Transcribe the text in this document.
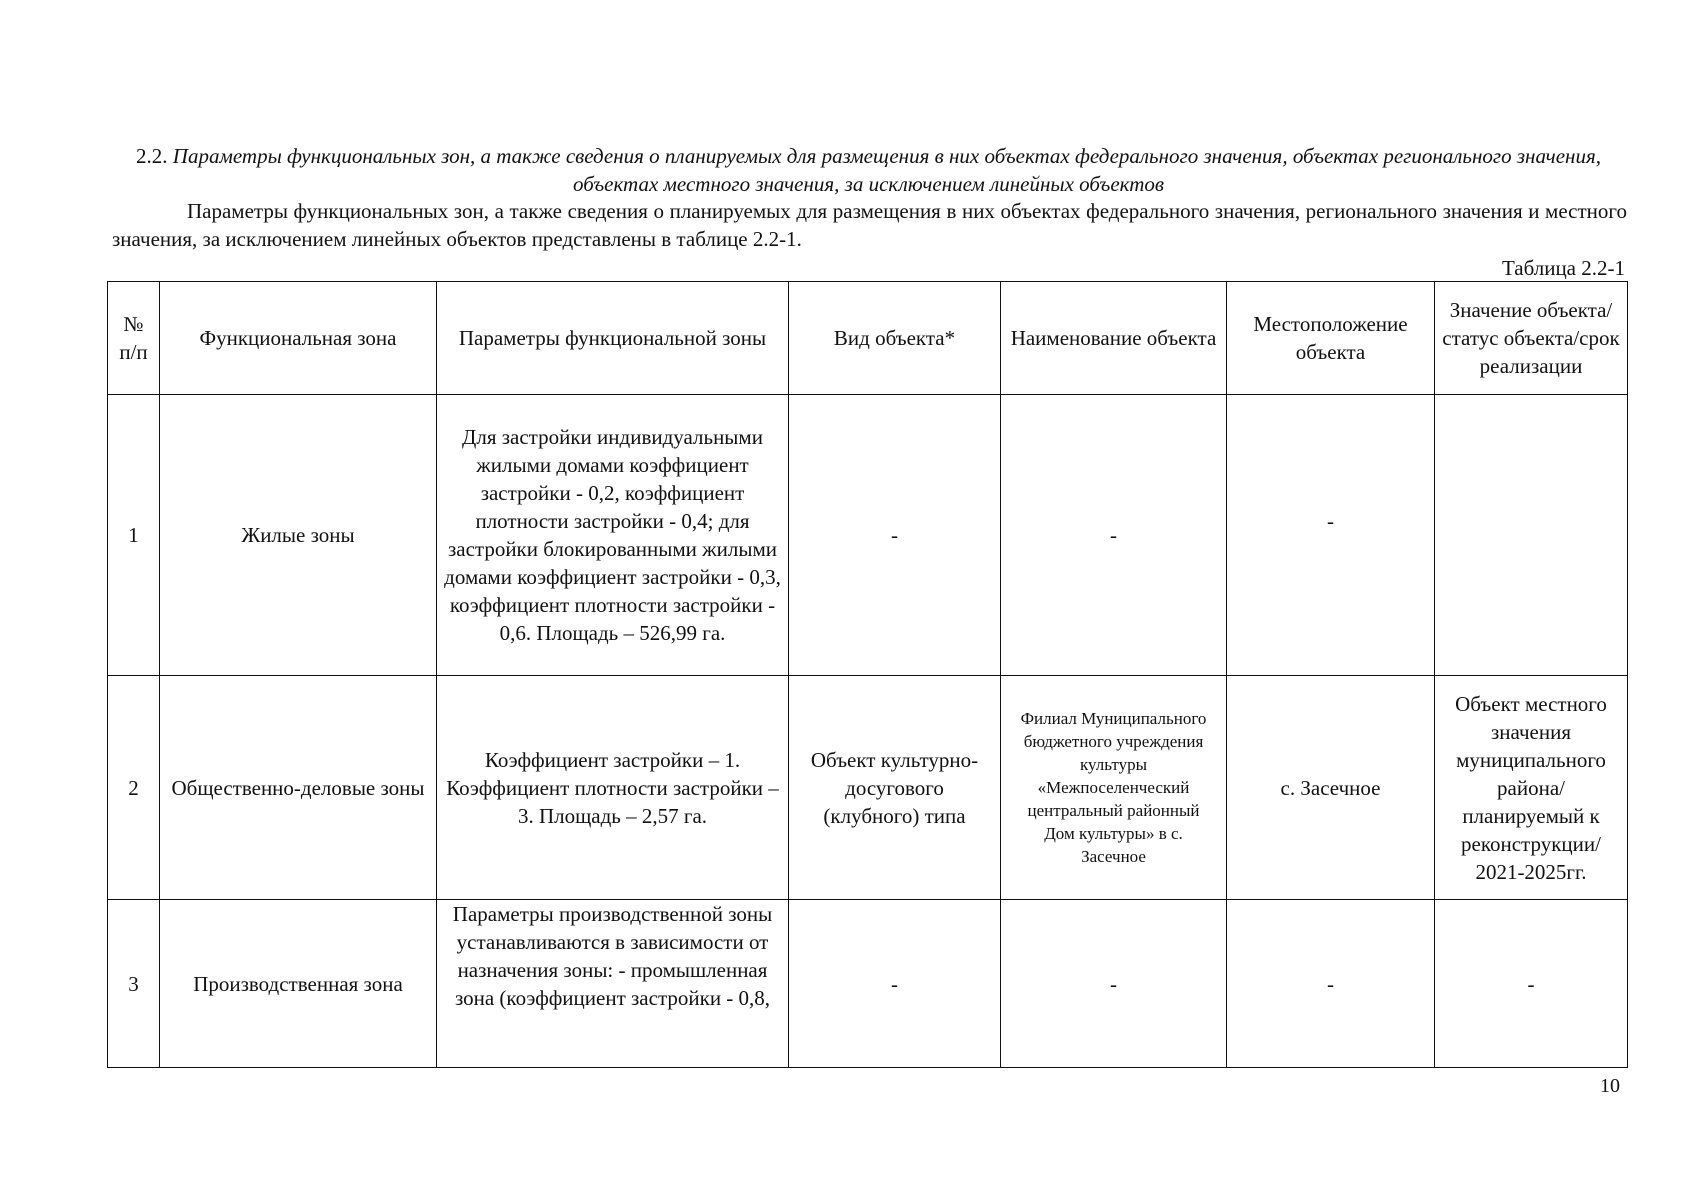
2.2. Параметры функциональных зон, а также сведения о планируемых для размещения в них объектах федерального значения, объектах регионального значения, объектах местного значения, за исключением линейных объектов
Параметры функциональных зон, а также сведения о планируемых для размещения в них объектах федерального значения, регионального значения и местного значения, за исключением линейных объектов представлены в таблице 2.2-1.
Таблица 2.2-1
№ п/п	Функциональная зона	Параметры функциональной зоны	Вид объекта*	Наименование объекта	Местоположение объекта	Значение объекта/статус объекта/срок реализации
1	Жилые зоны	Для застройки индивидуальными жилыми домами коэффициент застройки - 0,2, коэффициент плотности застройки - 0,4; для застройки блокированными жилыми домами коэффициент застройки - 0,3, коэффициент плотности застройки - 0,6. Площадь – 526,99 га.	-	-	-	
2	Общественно-деловые зоны	Коэффициент застройки – 1. Коэффициент плотности застройки – 3. Площадь – 2,57 га.	Объект культурно-досугового (клубного) типа	Филиал Муниципального бюджетного учреждения культуры «Межпоселенческий центральный районный Дом культуры» в с. Засечное	с. Засечное	Объект местного значения муниципального района/ планируемый к реконструкции/ 2021-2025гг.
3	Производственная зона	Параметры производственной зоны устанавливаются в зависимости от назначения зоны: - промышленная зона (коэффициент застройки - 0,8,	-	-	-	-
10
